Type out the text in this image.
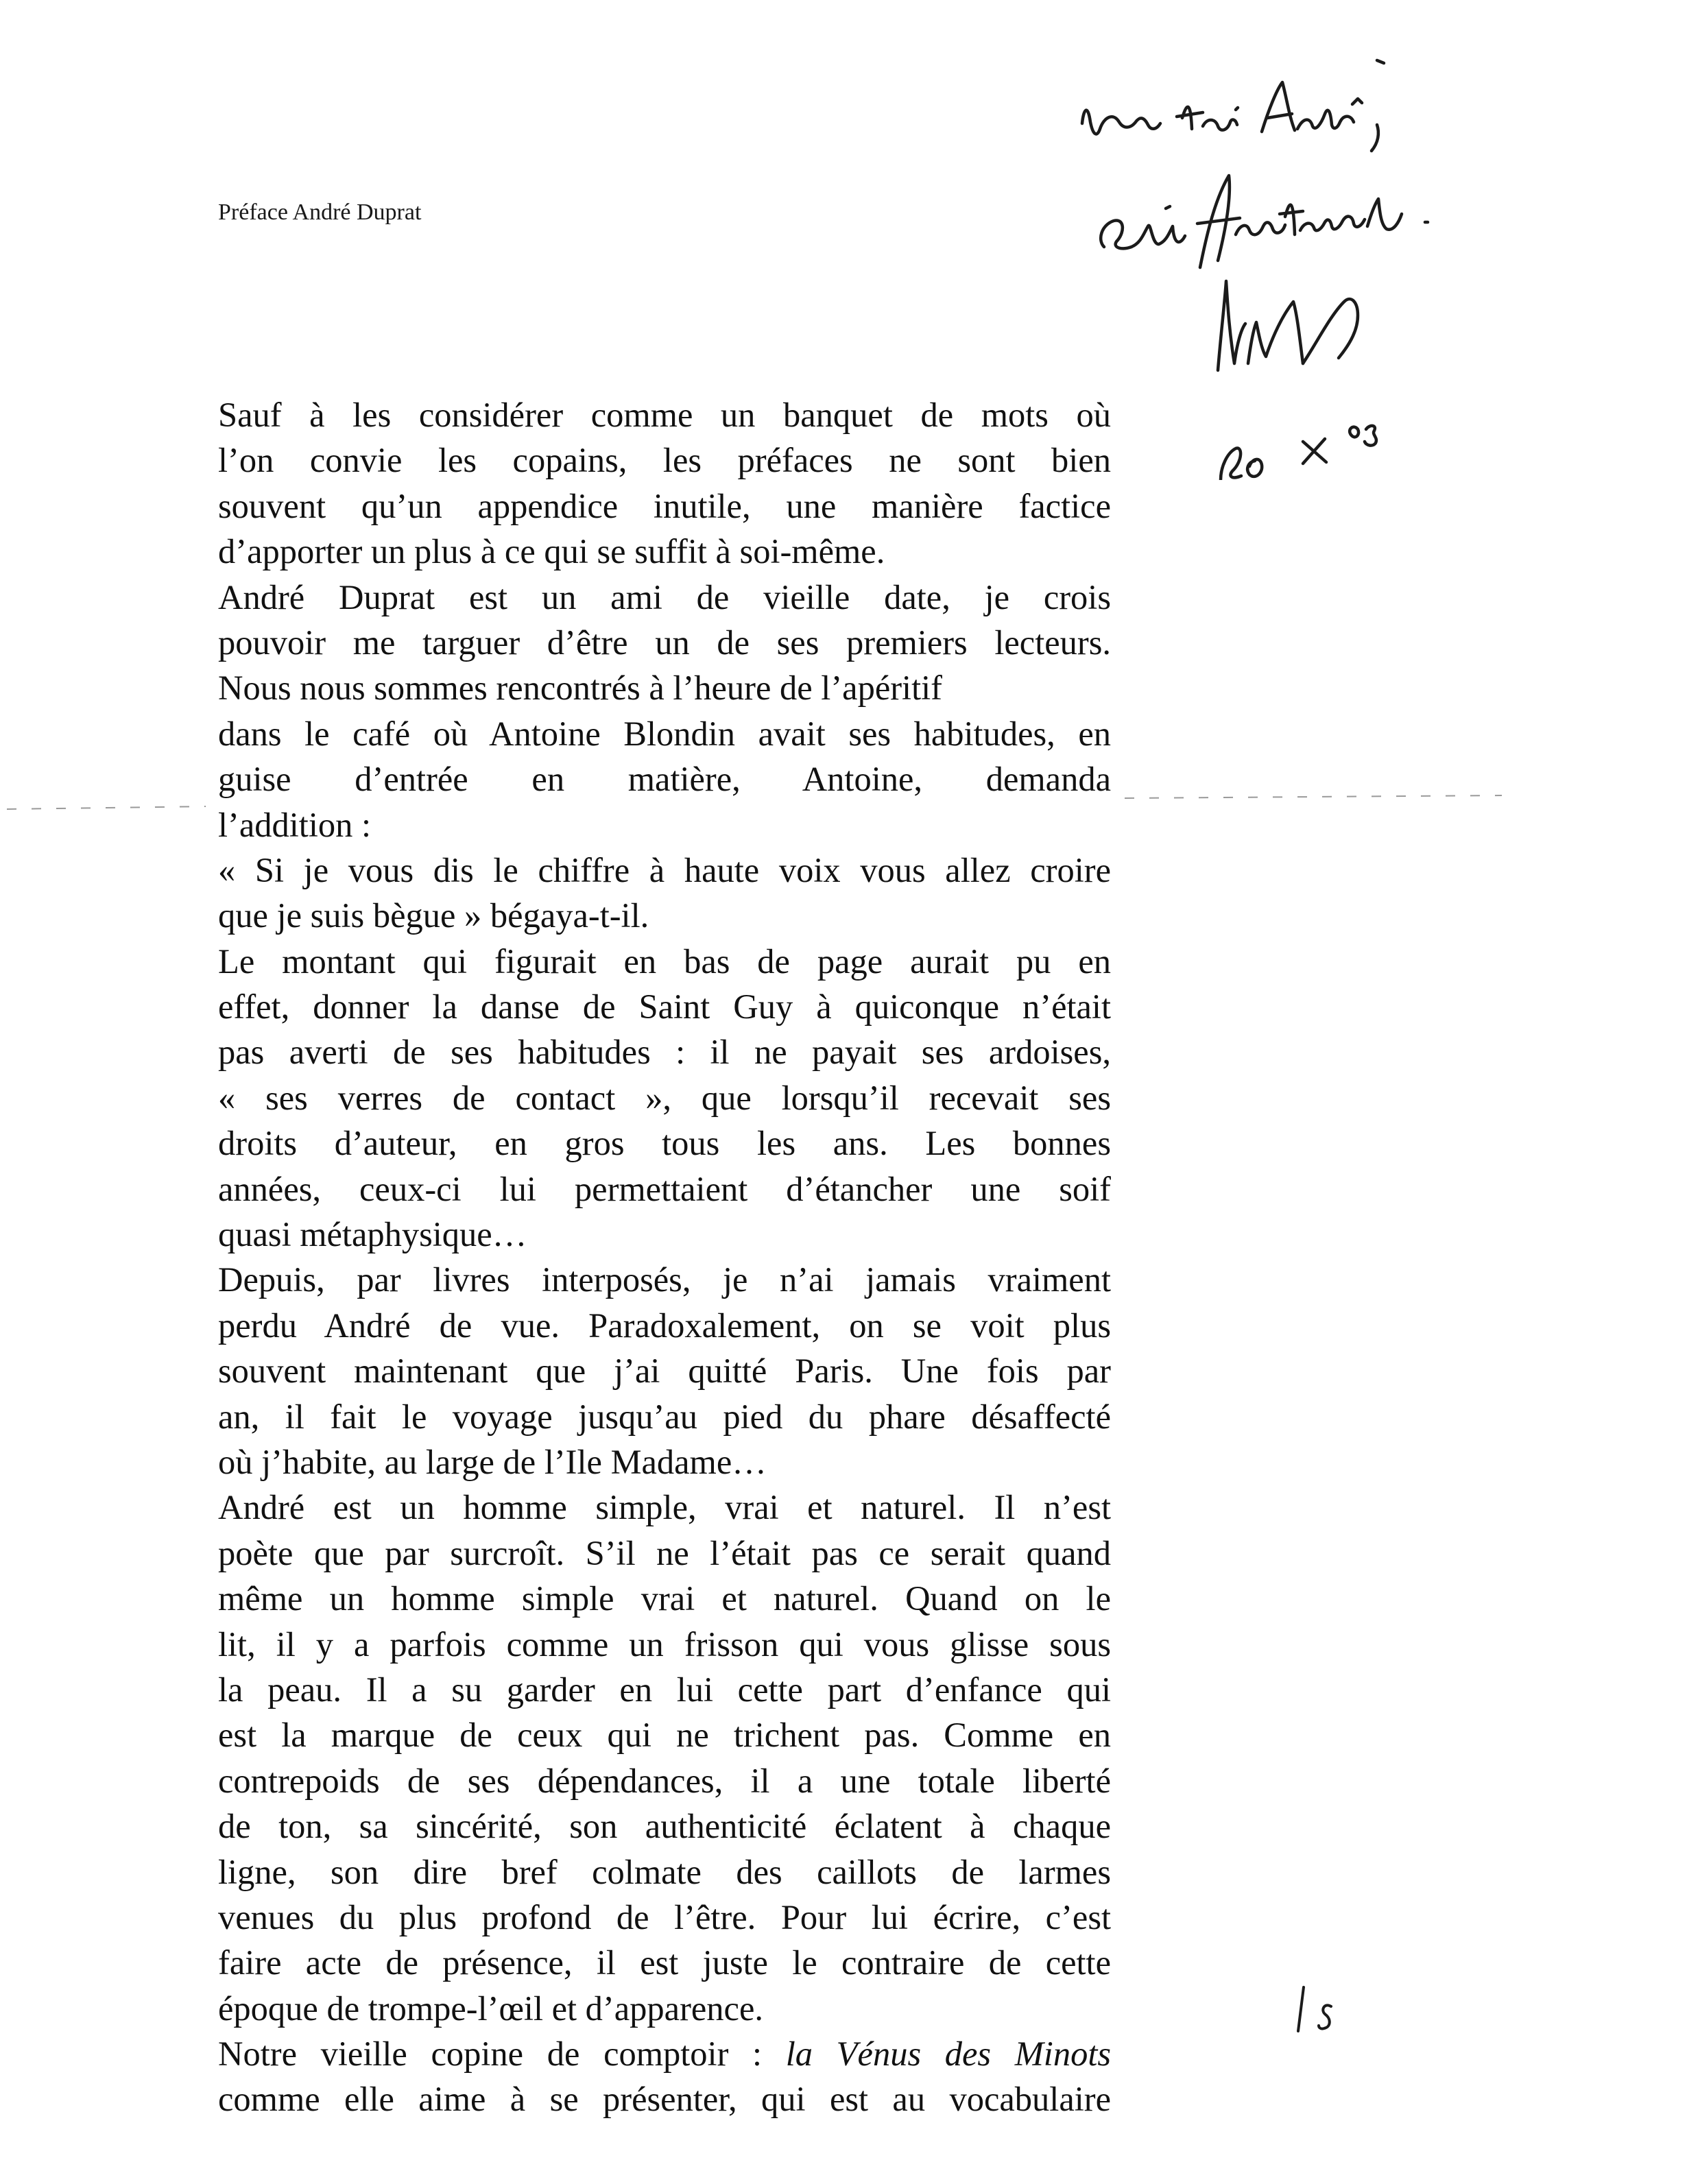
Préface André Duprat
Sauf à les considérer comme un banquet de mots où
l’on convie les copains, les préfaces ne sont bien
souvent qu’un appendice inutile, une manière factice
d’apporter un plus à ce qui se suffit à soi-même.
André Duprat est un ami de vieille date, je crois
pouvoir me targuer d’être un de ses premiers lecteurs.
Nous nous sommes rencontrés à l’heure de l’apéritif
dans le café où Antoine Blondin avait ses habitudes, en
guise d’entrée en matière, Antoine, demanda
l’addition :
« Si je vous dis le chiffre à haute voix vous allez croire
que je suis bègue » bégaya-t-il.
Le montant qui figurait en bas de page aurait pu en
effet, donner la danse de Saint Guy à quiconque n’était
pas averti de ses habitudes : il ne payait ses ardoises,
« ses verres de contact », que lorsqu’il recevait ses
droits d’auteur, en gros tous les ans. Les bonnes
années, ceux-ci lui permettaient d’étancher une soif
quasi métaphysique…
Depuis, par livres interposés, je n’ai jamais vraiment
perdu André de vue. Paradoxalement, on se voit plus
souvent maintenant que j’ai quitté Paris. Une fois par
an, il fait le voyage jusqu’au pied du phare désaffecté
où j’habite, au large de l’Ile Madame…
André est un homme simple, vrai et naturel. Il n’est
poète que par surcroît. S’il ne l’était pas ce serait quand
même un homme simple vrai et naturel. Quand on le
lit, il y a parfois comme un frisson qui vous glisse sous
la peau. Il a su garder en lui cette part d’enfance qui
est la marque de ceux qui ne trichent pas. Comme en
contrepoids de ses dépendances, il a une totale liberté
de ton, sa sincérité, son authenticité éclatent à chaque
ligne, son dire bref colmate des caillots de larmes
venues du plus profond de l’être. Pour lui écrire, c’est
faire acte de présence, il est juste le contraire de cette
époque de trompe-l’œil et d’apparence.
Notre vieille copine de comptoir : la Vénus des Minots
comme elle aime à se présenter, qui est au vocabulaire
